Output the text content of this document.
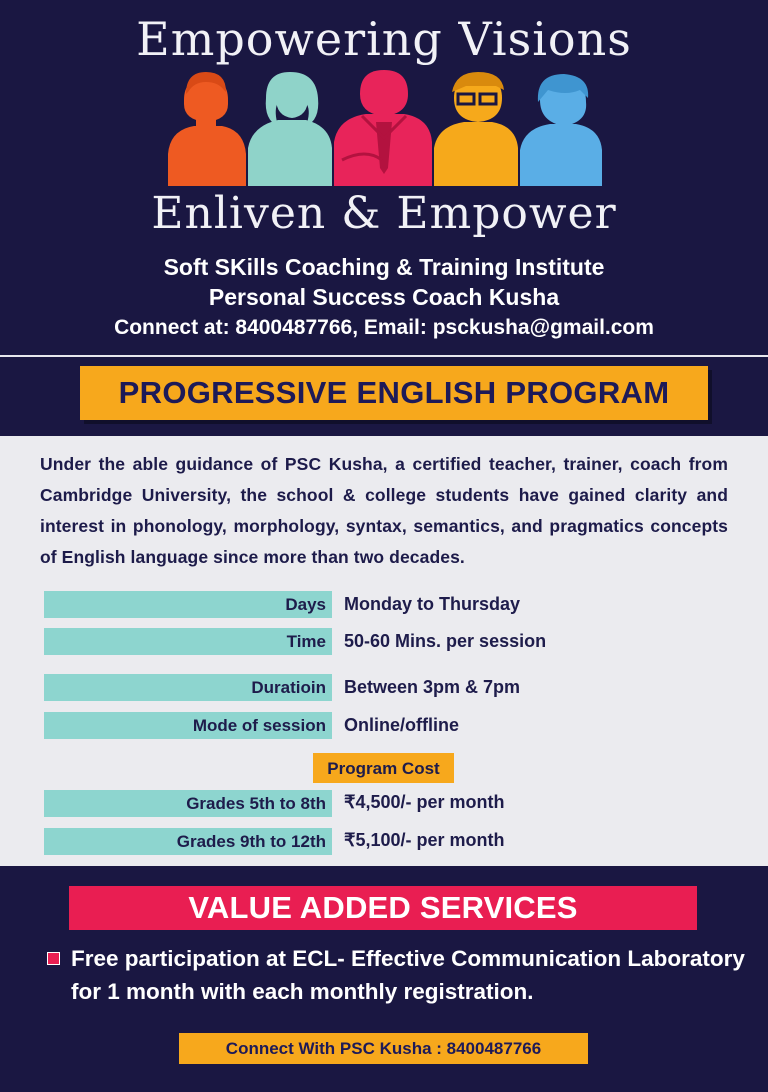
Empowering Visions
Enliven & Empower
Soft SKills Coaching & Training Institute
Personal Success Coach Kusha
Connect at: 8400487766, Email: psckusha@gmail.com
PROGRESSIVE ENGLISH PROGRAM
Under the able guidance of PSC Kusha, a certified teacher, trainer, coach from Cambridge University, the school & college students have gained clarity and interest in phonology, morphology, syntax, semantics, and pragmatics concepts of English language since more than two decades.
Days	Monday to Thursday
Time	50-60 Mins. per session
Duratioin	Between 3pm & 7pm
Mode of session	Online/offline
Program Cost
Grades 5th to 8th	₹4,500/- per month
Grades 9th to 12th	₹5,100/- per month
VALUE ADDED SERVICES
Free participation at ECL- Effective Communication Laboratory for 1 month with each monthly registration.
Connect With PSC Kusha : 8400487766
